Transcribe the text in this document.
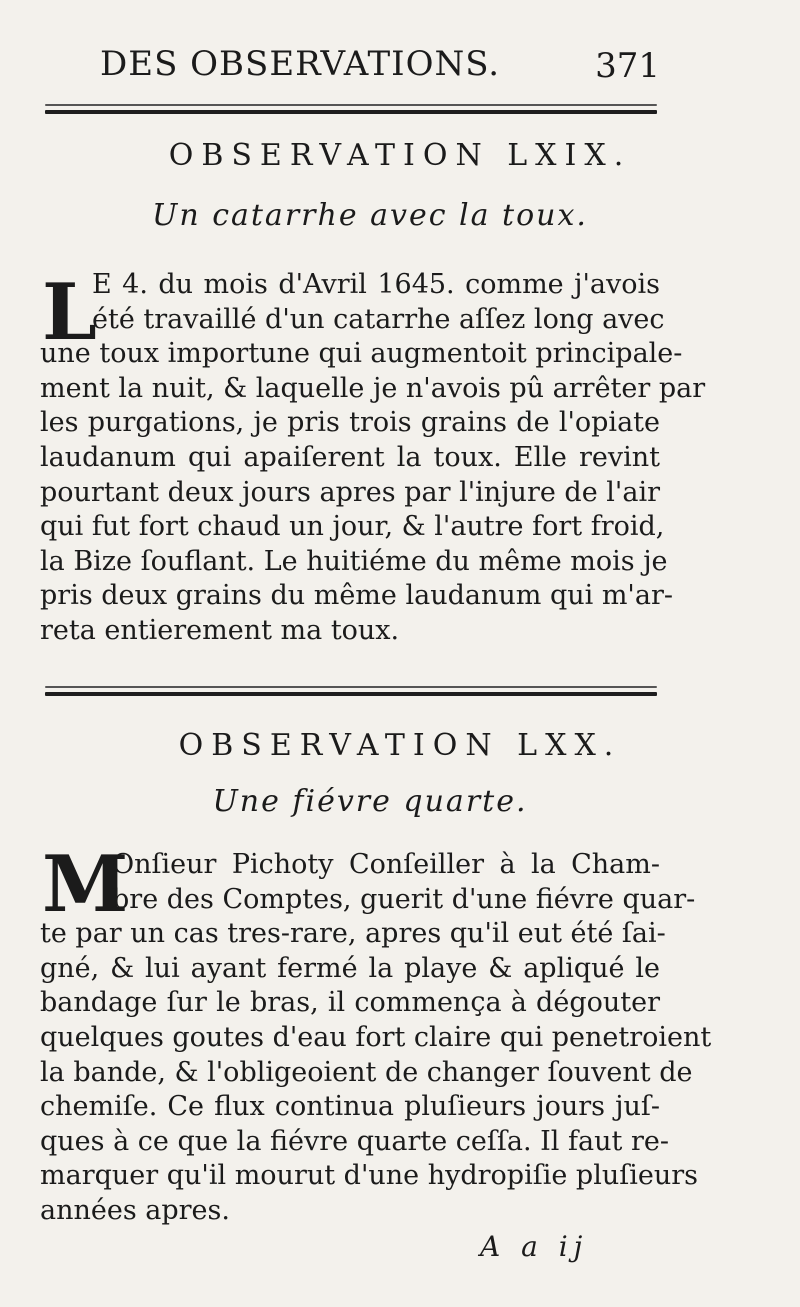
DES OBSERVATIONS.	371
OBSERVATION LXIX.
Un catarrhe avec la toux.
L
E 4. du mois d'Avril 1645. comme j'avois
été travaillé d'un catarrhe aſſez long avec
une toux importune qui augmentoit principale-
ment la nuit, & laquelle je n'avois pû arrêter par
les purgations, je pris trois grains de l'opiate
laudanum qui apaiſerent la toux. Elle revint
pourtant deux jours apres par l'injure de l'air
qui fut fort chaud un jour, & l'autre fort froid,
la Bize ſouflant. Le huitiéme du même mois je
pris deux grains du même laudanum qui m'ar-
reta entierement ma toux.
OBSERVATION LXX.
Une fiévre quarte.
M
Onſieur Pichoty Conſeiller à la Cham-
bre des Comptes, guerit d'une fiévre quar-
te par un cas tres-rare, apres qu'il eut été ſai-
gné, & lui ayant fermé la playe & apliqué le
bandage ſur le bras, il commença à dégouter
quelques goutes d'eau fort claire qui penetroient
la bande, & l'obligeoient de changer ſouvent de
chemiſe. Ce flux continua pluſieurs jours juſ-
ques à ce que la fiévre quarte ceſſa. Il faut re-
marquer qu'il mourut d'une hydropiſie pluſieurs
années apres.
A a ij
